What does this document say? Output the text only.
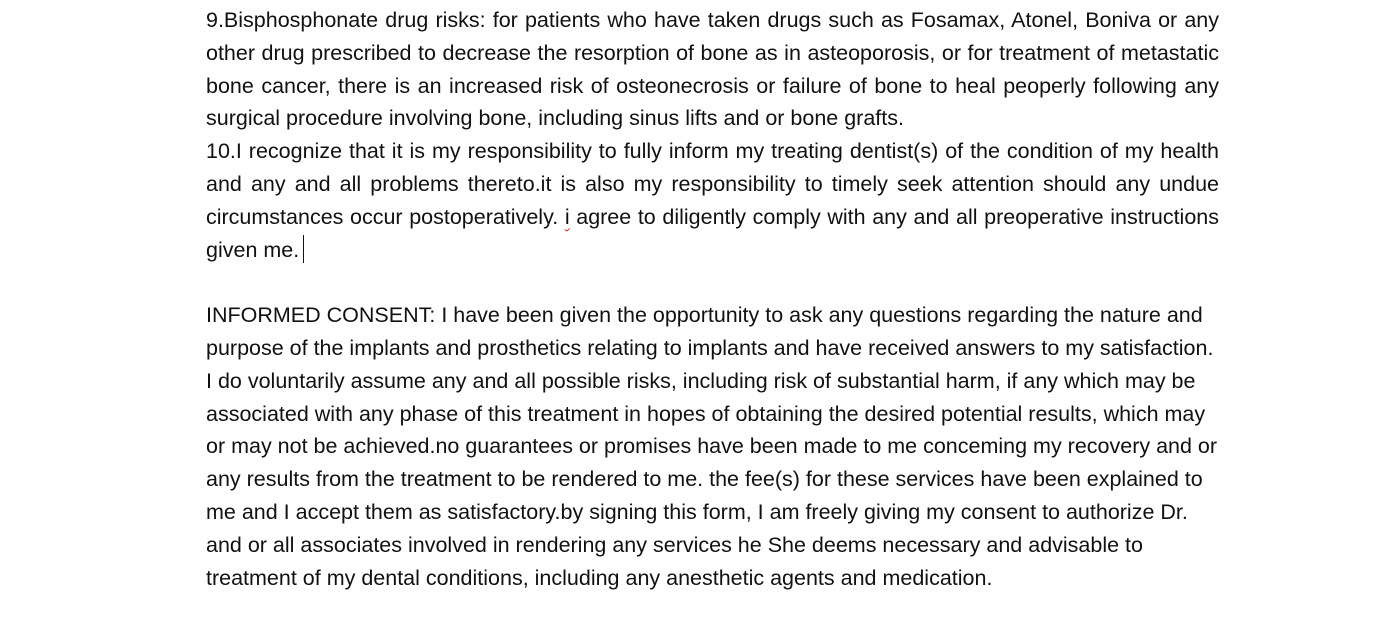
9.Bisphosphonate drug risks: for patients who have taken drugs such as Fosamax, Atonel, Boniva or any other drug prescribed to decrease the resorption of bone as in asteoporosis, or for treatment of metastatic bone cancer, there is an increased risk of osteonecrosis or failure of bone to heal peoperly following any surgical procedure involving bone, including sinus lifts and or bone grafts.

10.I recognize that it is my responsibility to fully inform my treating dentist(s) of the condition of my health and any and all problems thereto.it is also my responsibility to timely seek attention should any undue circumstances occur postoperatively. i agree to diligently comply with any and all preoperative instructions given me.

INFORMED CONSENT: I have been given the opportunity to ask any questions regarding the nature and purpose of the implants and prosthetics relating to implants and have received answers to my satisfaction. I do voluntarily assume any and all possible risks, including risk of substantial harm, if any which may be associated with any phase of this treatment in hopes of obtaining the desired potential results, which may or may not be achieved.no guarantees or promises have been made to me conceming my recovery and or any results from the treatment to be rendered to me. the fee(s) for these services have been explained to me and I accept them as satisfactory.by signing this form, I am freely giving my consent to authorize Dr. and or all associates involved in rendering any services he She deems necessary and advisable to treatment of my dental conditions, including any anesthetic agents and medication.
